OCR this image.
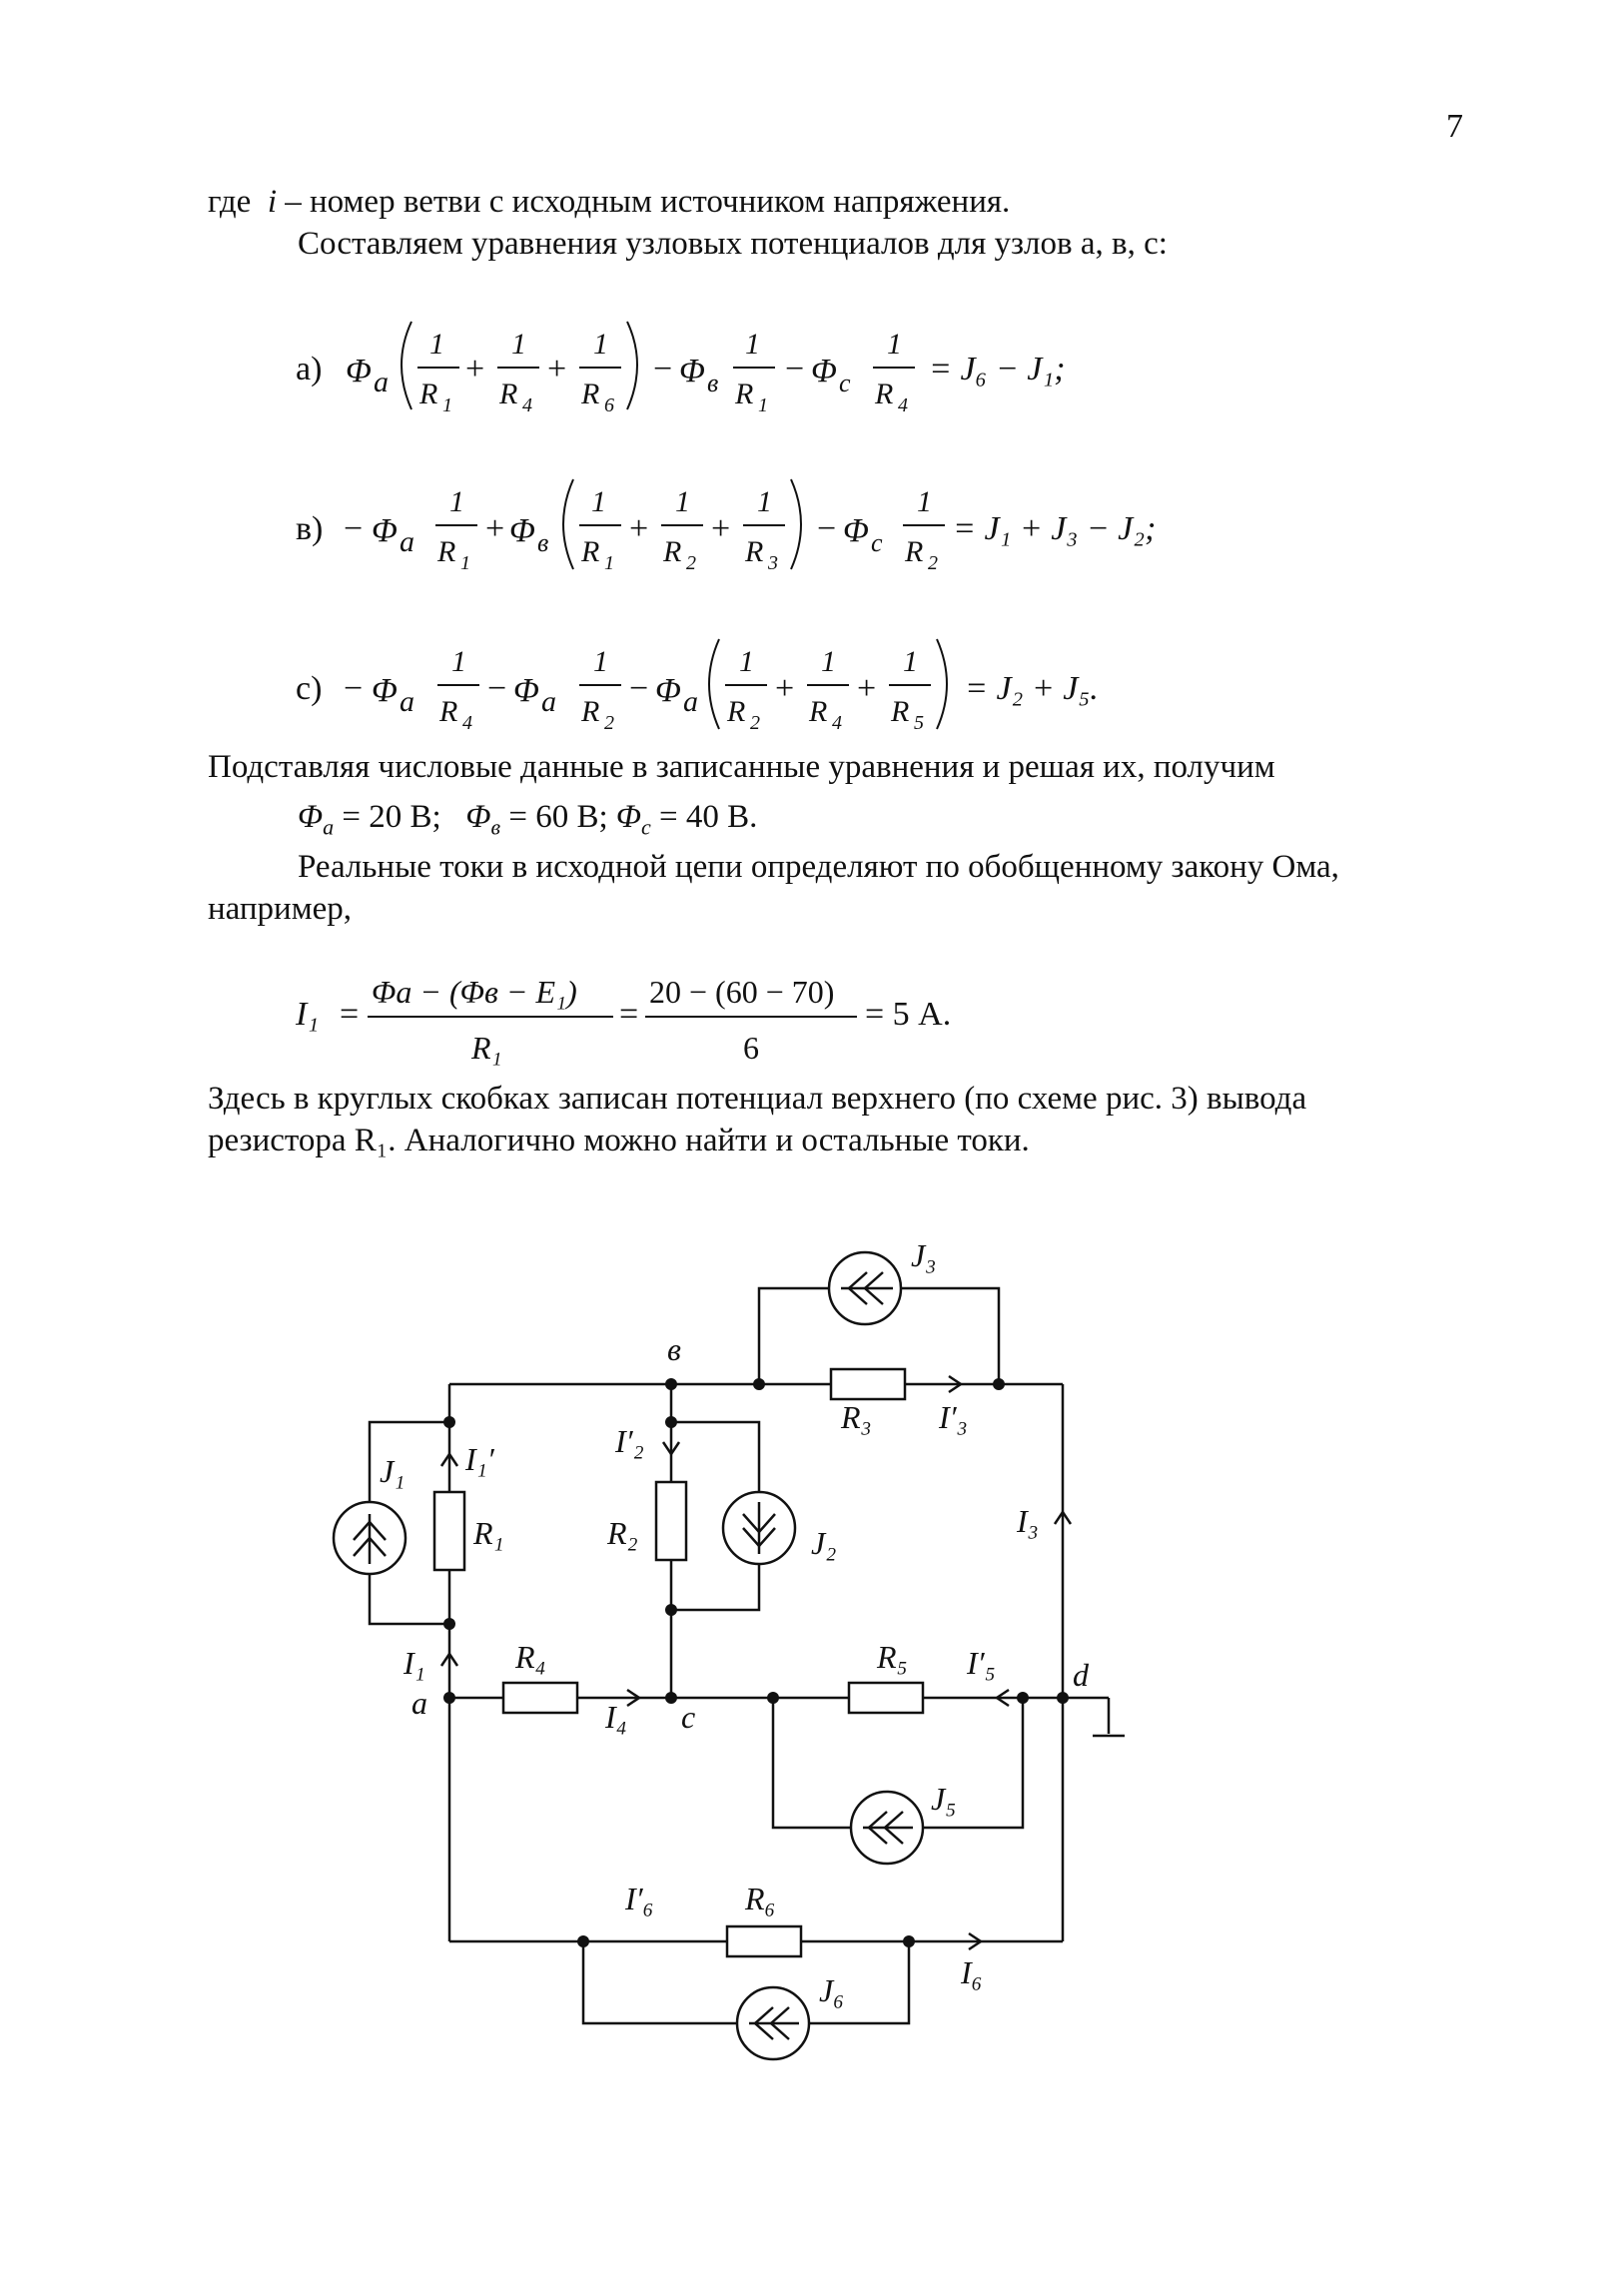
7
где i – номер ветви с исходным источником напряжения.
Составляем уравнения узловых потенциалов для узлов а, в, с:
а) Φ a
1
R 1
+
1
R 4
+
1
R 6
− Φ в
1
R 1
− Φ c
1
R 4
= J₆ − J₁;
в) − Φ a
1
R 1
+ Φ в
1
R 1
+
1
R 2
+
1
R 3
− Φ c
1
R 2
= J₁ + J₃ − J₂;
с) − Φ a
1
R 4
− Φ a
1
R 2
− Φ a
1
R 2
+
1
R 4
+
1
R 5
= J₂ + J₅.
I₁ =
Φa − (Φв − E₁)
R₁
=
20 − (60 − 70)
6
= 5 А.
Подставляя числовые данные в записанные уравнения и решая их, получим
$\Phi_a = 20$ В; $\Phi_в = 60$ В; $\Phi_c = 40$ В.
Реальные токи в исходной цепи определяют по обобщенному закону Ома,
например,
Здесь в круглых скобках записан потенциал верхнего (по схеме рис. 3) вывода
резистора R₁. Аналогично можно найти и остальные токи.
в
a	c
d
J₃
J₁
J₂
J₅
J₆
R₃
R₁	R₂
R₄	R₅
R₆
I₁′
I₁
I′₂
I′₃
I₃
I₄
I′₅
I′₆
I₆
